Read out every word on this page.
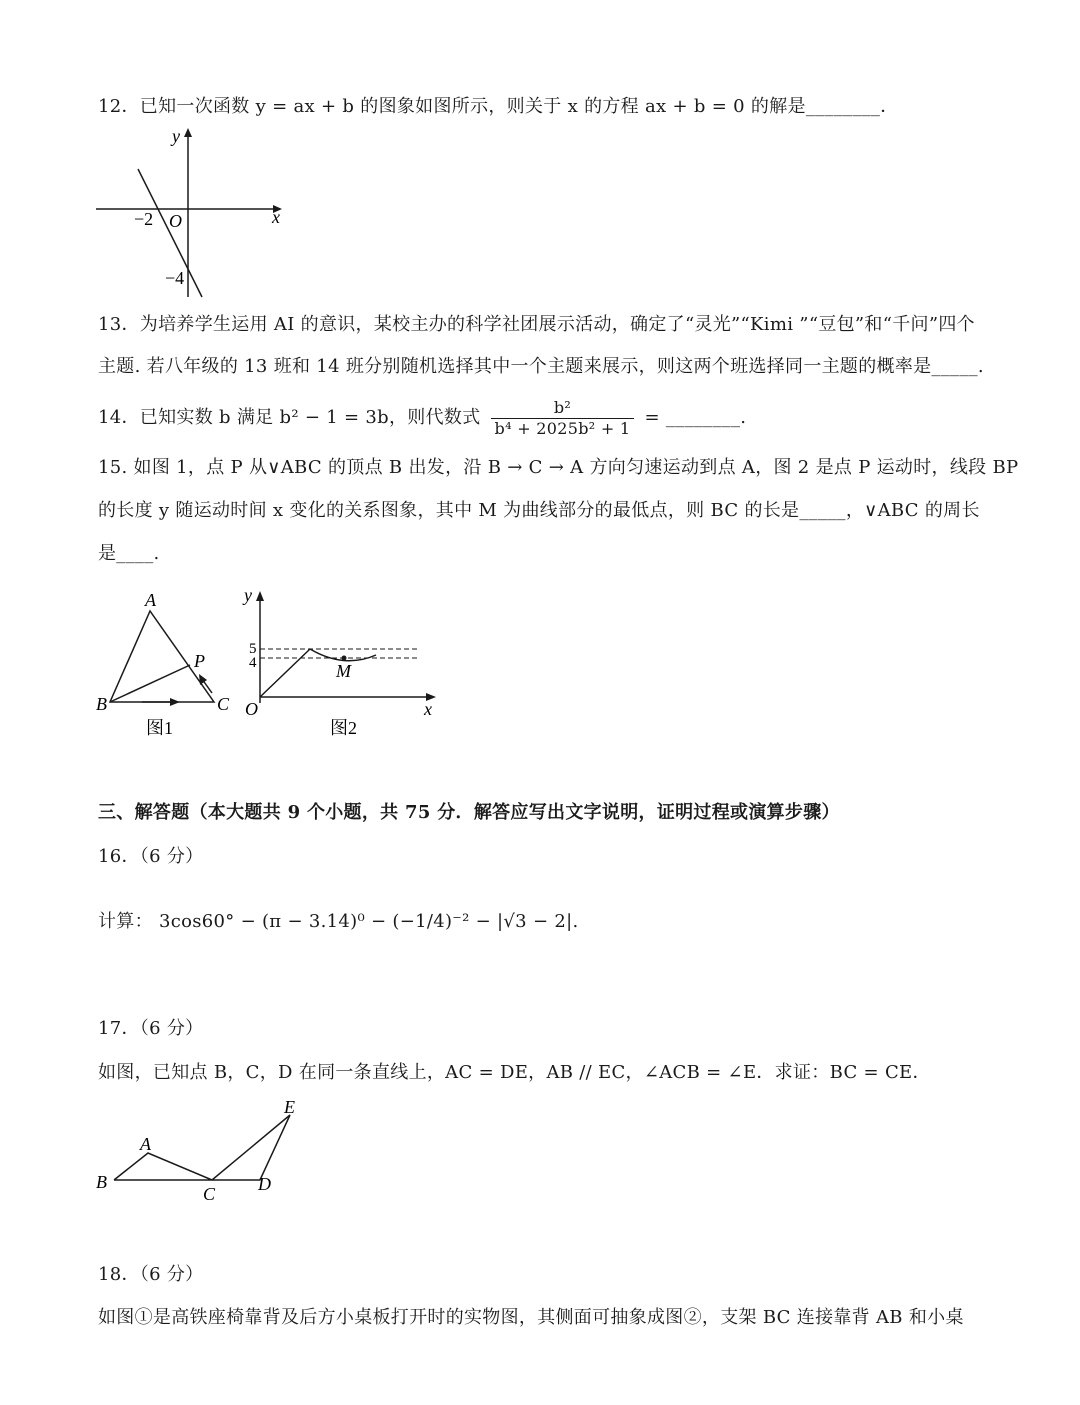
12．已知一次函数 y = ax + b 的图象如图所示，则关于 x 的方程 ax + b = 0 的解是________．
y
x
−2 O
−4
13．为培养学生运用 AI 的意识，某校主办的科学社团展示活动，确定了“灵光”“Kimi ”“豆包”和“千问”四个
主题. 若八年级的 13 班和 14 班分别随机选择其中一个主题来展示，则这两个班选择同一主题的概率是_____.
14．已知实数 b 满足 b² − 1 = 3b，则代数式 $\frac{\text{b²}}{\text{b⁴ + 2025b² + 1}}$ = ________.
15. 如图 1，点 P 从∨ABC 的顶点 B 出发，沿 B → C → A 方向匀速运动到点 A，图 2 是点 P 运动时，线段 BP
的长度 y 随运动时间 x 变化的关系图象，其中 M 为曲线部分的最低点，则 BC 的长是_____，∨ABC 的周长
是____.
A
B	C
P
图1
y
x
O
5
4	M
图2
三、解答题（本大题共 9 个小题，共 75 分．解答应写出文字说明，证明过程或演算步骤）
16．（6 分）
计算： 3cos60° − (π − 3.14)⁰ − (−1/4)⁻² − |√3 − 2|.
17．（6 分）
如图，已知点 B，C，D 在同一条直线上，AC = DE，AB // EC，∠ACB = ∠E．求证：BC = CE．
A
B
C D
E
18．（6 分）
如图①是高铁座椅靠背及后方小桌板打开时的实物图，其侧面可抽象成图②，支架 BC 连接靠背 AB 和小桌
